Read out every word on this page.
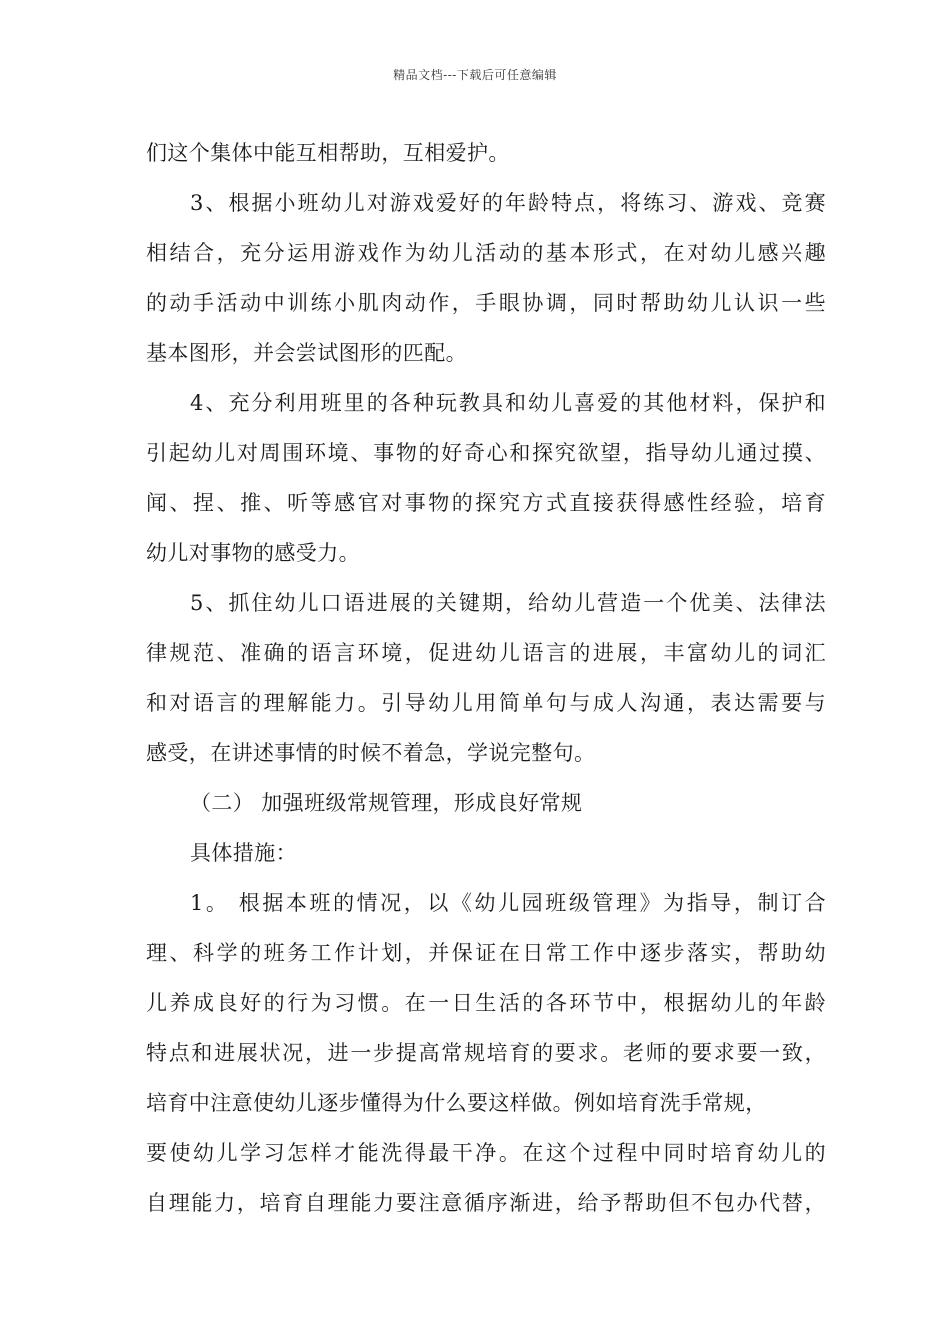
精品文档---下载后可任意编辑
们这个集体中能互相帮助，互相爱护。
3、根据小班幼儿对游戏爱好的年龄特点，将练习、游戏、竞赛
相结合，充分运用游戏作为幼儿活动的基本形式，在对幼儿感兴趣
的动手活动中训练小肌肉动作，手眼协调，同时帮助幼儿认识一些
基本图形，并会尝试图形的匹配。
4、充分利用班里的各种玩教具和幼儿喜爱的其他材料，保护和
引起幼儿对周围环境、事物的好奇心和探究欲望，指导幼儿通过摸、
闻、捏、推、听等感官对事物的探究方式直接获得感性经验，培育
幼儿对事物的感受力。
5、抓住幼儿口语进展的关键期，给幼儿营造一个优美、法律法
律规范、准确的语言环境，促进幼儿语言的进展，丰富幼儿的词汇
和对语言的理解能力。引导幼儿用简单句与成人沟通，表达需要与
感受，在讲述事情的时候不着急，学说完整句。
（二） 加强班级常规管理，形成良好常规
具体措施：
1。 根据本班的情况，以《幼儿园班级管理》为指导，制订合
理、科学的班务工作计划，并保证在日常工作中逐步落实，帮助幼
儿养成良好的行为习惯。在一日生活的各环节中，根据幼儿的年龄
特点和进展状况，进一步提高常规培育的要求。老师的要求要一致，
培育中注意使幼儿逐步懂得为什么要这样做。例如培育洗手常规，
要使幼儿学习怎样才能洗得最干净。在这个过程中同时培育幼儿的
自理能力，培育自理能力要注意循序渐进，给予帮助但不包办代替，
